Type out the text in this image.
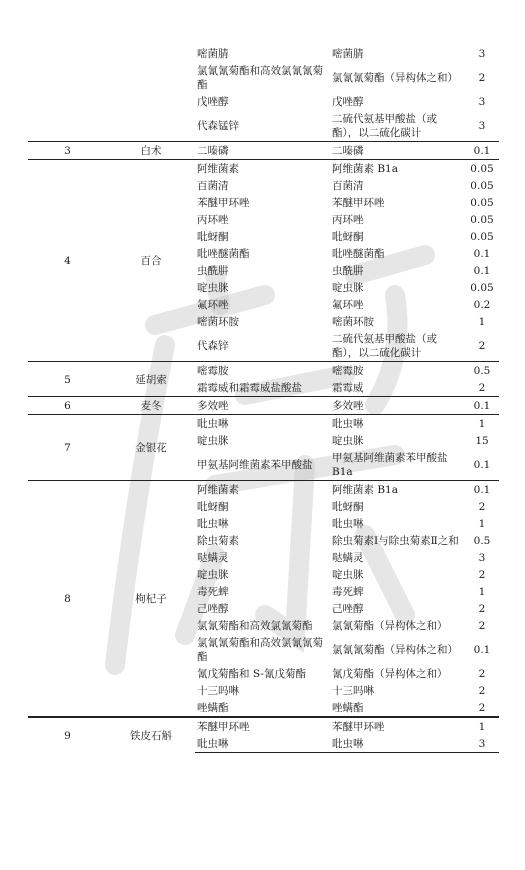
		嘧菌腈	嘧菌腈	3
		氯氰氰菊酯和高效氯氰氰菊酯	氯氰氰菊酯（异构体之和）	2
		戊唑醇	戊唑醇	3
		代森锰锌	二硫代氨基甲酸盐（或酯），以二硫化碳计	3
3	白术	二嗪磷	二嗪磷	0.1
4	百合	阿维菌素	阿维菌素 B1a	0.05
		百菌清	百菌清	0.05
		苯醚甲环唑	苯醚甲环唑	0.05
		丙环唑	丙环唑	0.05
		吡蚜酮	吡蚜酮	0.05
		吡唑醚菌酯	吡唑醚菌酯	0.1
		虫酰肼	虫酰肼	0.1
		啶虫脒	啶虫脒	0.05
		氟环唑	氟环唑	0.2
		嘧菌环胺	嘧菌环胺	1
		代森锌	二硫代氨基甲酸盐（或酯），以二硫化碳计	2
5	延胡索	嘧霉胺	嘧霉胺	0.5
		霜霉威和霜霉威盐酸盐	霜霉威	2
6	麦冬	多效唑	多效唑	0.1
7	金银花	吡虫啉	吡虫啉	1
		啶虫脒	啶虫脒	15
		甲氨基阿维菌素苯甲酸盐	甲氨基阿维菌素苯甲酸盐 B1a	0.1
8	枸杞子	阿维菌素	阿维菌素 B1a	0.1
		吡蚜酮	吡蚜酮	2
		吡虫啉	吡虫啉	1
		除虫菊素	除虫菊素Ⅰ与除虫菊素Ⅱ之和	0.5
		哒螨灵	哒螨灵	3
		啶虫脒	啶虫脒	2
		毒死蜱	毒死蜱	1
		己唑醇	己唑醇	2
		氯氰菊酯和高效氯氰菊酯	氯氰菊酯（异构体之和）	2
		氯氰氰菊酯和高效氯氰氰菊酯	氯氰氰菊酯（异构体之和）	0.1
		氰戊菊酯和 S-氰戊菊酯	氰戊菊酯（异构体之和）	2
		十三吗啉	十三吗啉	2
		唑螨酯	唑螨酯	2
9	铁皮石斛	苯醚甲环唑	苯醚甲环唑	1
		吡虫啉	吡虫啉	3
